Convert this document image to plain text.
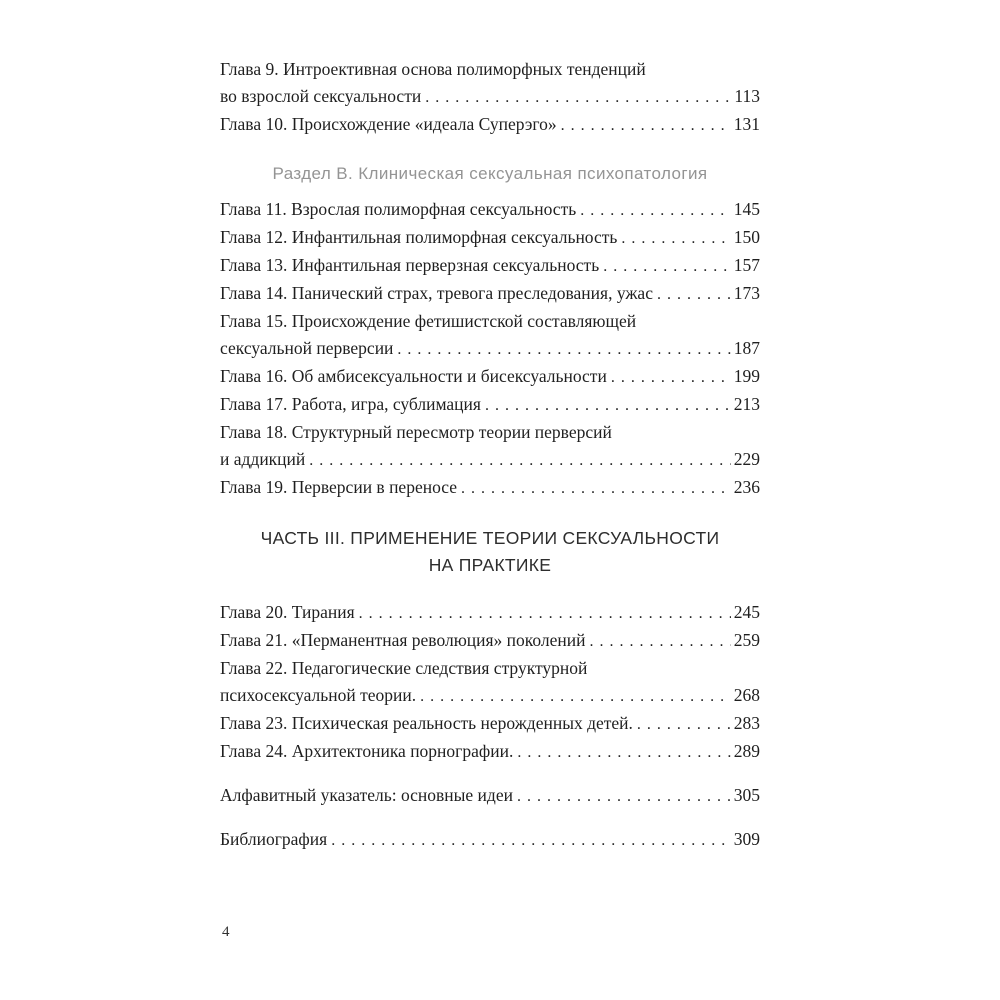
Глава 9. Интроективная основа полиморфных тенденций
во взрослой сексуальности .....	113
Глава 10. Происхождение «идеала Суперэго» .....	131
Раздел В. Клиническая сексуальная психопатология
Глава 11. Взрослая полиморфная сексуальность .....	145
Глава 12. Инфантильная полиморфная сексуальность .....	150
Глава 13. Инфантильная перверзная сексуальность .....	157
Глава 14. Панический страх, тревога преследования, ужас .....	173
Глава 15. Происхождение фетишистской составляющей
сексуальной перверсии .....	187
Глава 16. Об амбисексуальности и бисексуальности .....	199
Глава 17. Работа, игра, сублимация .....	213
Глава 18. Структурный пересмотр теории перверсий
и аддикций .....	229
Глава 19. Перверсии в переносе .....	236
ЧАСТЬ III. ПРИМЕНЕНИЕ ТЕОРИИ СЕКСУАЛЬНОСТИ
НА ПРАКТИКЕ
Глава 20. Тирания .....	245
Глава 21. «Перманентная революция» поколений .....	259
Глава 22. Педагогические следствия структурной
психосексуальной теории. .....	268
Глава 23. Психическая реальность нерожденных детей. .....	283
Глава 24. Архитектоника порнографии. .....	289
Алфавитный указатель: основные идеи .....	305
Библиография .....	309
4
